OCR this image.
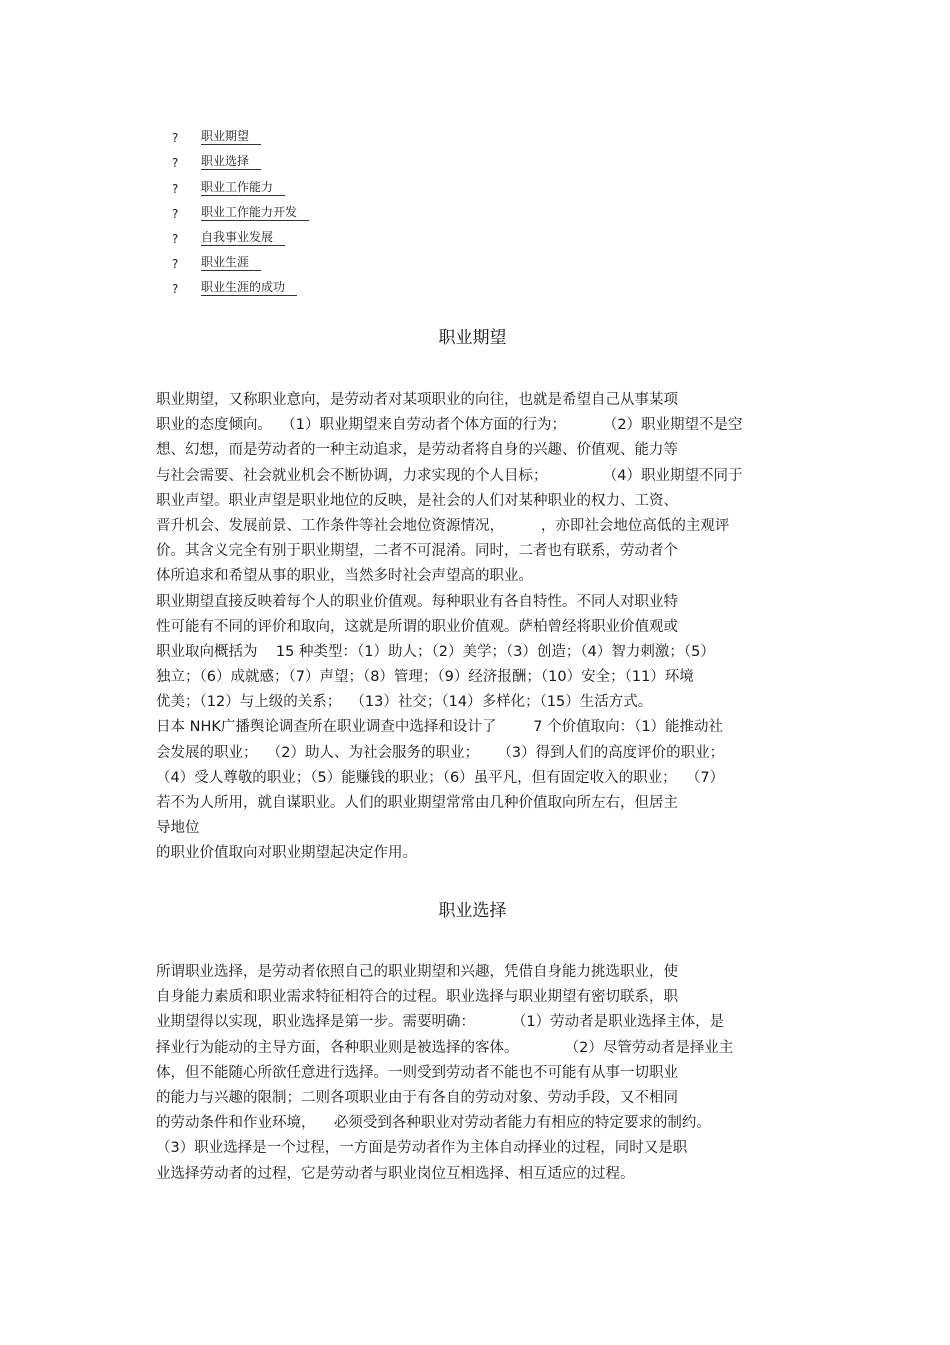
?	职业期望
?	职业选择
?	职业工作能力
?	职业工作能力开发
?	自我事业发展
?	职业生涯
?	职业生涯的成功
职业期望
职业期望，又称职业意向，是劳动者对某项职业的向往，也就是希望自己从事某项
职业的态度倾向。  （1）职业期望来自劳动者个体方面的行为；        （2）职业期望不是空
想、幻想，而是劳动者的一种主动追求，是劳动者将自身的兴趣、价值观、能力等
与社会需要、社会就业机会不断协调，力求实现的个人目标；            （4）职业期望不同于
职业声望。职业声望是职业地位的反映，是社会的人们对某种职业的权力、工资、
晋升机会、发展前景、工作条件等社会地位资源情况，        ，亦即社会地位高低的主观评
价。其含义完全有别于职业期望，二者不可混淆。同时，二者也有联系，劳动者个
体所追求和希望从事的职业，当然多时社会声望高的职业。
职业期望直接反映着每个人的职业价值观。每种职业有各自特性。不同人对职业特
性可能有不同的评价和取向，这就是所谓的职业价值观。萨柏曾经将职业价值观或
职业取向概括为    15 种类型：（1）助人；（2）美学；（3）创造；（4）智力刺激；（5）
独立；（6）成就感；（7）声望；（8）管理；（9）经济报酬；（10）安全；（11）环境
优美；（12）与上级的关系；  （13）社交；（14）多样化；（15）生活方式。
日本 NHK广播舆论调查所在职业调查中选择和设计了        7 个价值取向：（1）能推动社
会发展的职业；  （2）助人、为社会服务的职业；    （3）得到人们的高度评价的职业；
（4）受人尊敬的职业；（5）能赚钱的职业；（6）虽平凡，但有固定收入的职业；  （7）
若不为人所用，就自谋职业。人们的职业期望常常由几种价值取向所左右，但居主
导地位
的职业价值取向对职业期望起决定作用。
职业选择
所谓职业选择，是劳动者依照自己的职业期望和兴趣，凭借自身能力挑选职业，使
自身能力素质和职业需求特征相符合的过程。职业选择与职业期望有密切联系，职
业期望得以实现，职业选择是第一步。需要明确：        （1）劳动者是职业选择主体，是
择业行为能动的主导方面，各种职业则是被选择的客体。          （2）尽管劳动者是择业主
体，但不能随心所欲任意进行选择。一则受到劳动者不能也不可能有从事一切职业
的能力与兴趣的限制；二则各项职业由于有各自的劳动对象、劳动手段，又不相同
的劳动条件和作业环境，    必须受到各种职业对劳动者能力有相应的特定要求的制约。
（3）职业选择是一个过程，一方面是劳动者作为主体自动择业的过程，同时又是职
业选择劳动者的过程，它是劳动者与职业岗位互相选择、相互适应的过程。
